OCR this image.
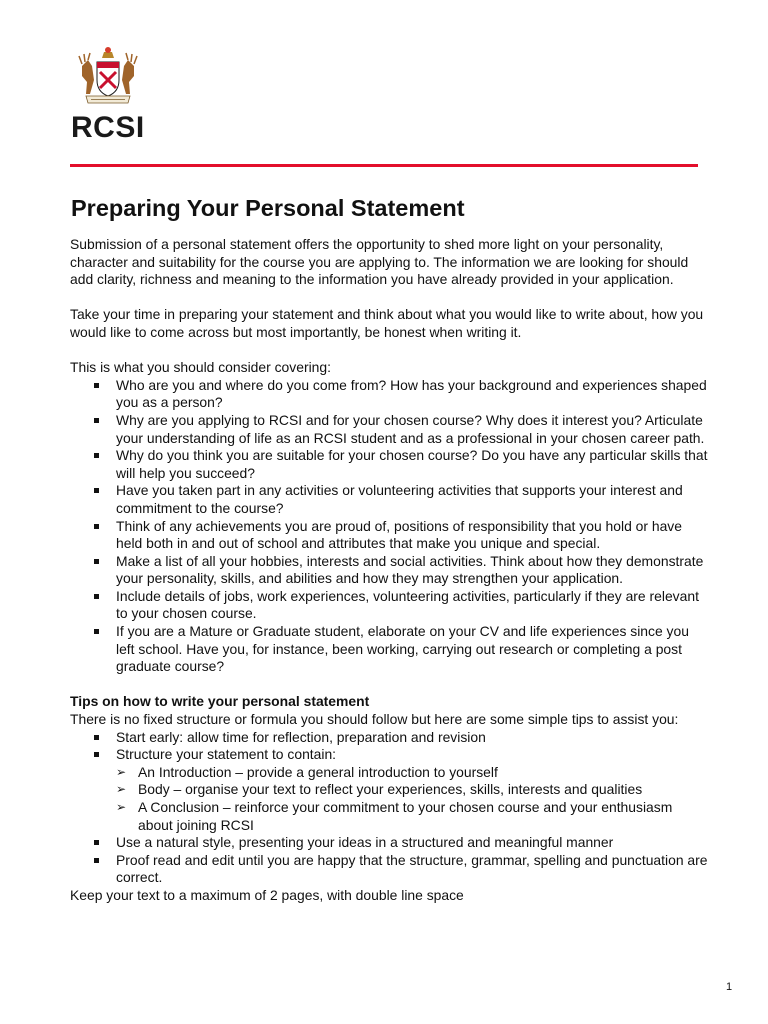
RCSI
Preparing Your Personal Statement

Submission of a personal statement offers the opportunity to shed more light on your personality, character and suitability for the course you are applying to. The information we are looking for should add clarity, richness and meaning to the information you have already provided in your application.

Take your time in preparing your statement and think about what you would like to write about, how you would like to come across but most importantly, be honest when writing it.

This is what you should consider covering:

Who are you and where do you come from? How has your background and experiences shaped you as a person?
Why are you applying to RCSI and for your chosen course? Why does it interest you? Articulate your understanding of life as an RCSI student and as a professional in your chosen career path.
Why do you think you are suitable for your chosen course? Do you have any particular skills that will help you succeed?
Have you taken part in any activities or volunteering activities that supports your interest and commitment to the course?
Think of any achievements you are proud of, positions of responsibility that you hold or have held both in and out of school and attributes that make you unique and special.
Make a list of all your hobbies, interests and social activities. Think about how they demonstrate your personality, skills, and abilities and how they may strengthen your application.
Include details of jobs, work experiences, volunteering activities, particularly if they are relevant to your chosen course.
If you are a Mature or Graduate student, elaborate on your CV and life experiences since you left school. Have you, for instance, been working, carrying out research or completing a post graduate course?

Tips on how to write your personal statement

There is no fixed structure or formula you should follow but here are some simple tips to assist you:

Start early: allow time for reflection, preparation and revision
Structure your statement to contain:
➢ An Introduction – provide a general introduction to yourself
➢ Body – organise your text to reflect your experiences, skills, interests and qualities
➢ A Conclusion – reinforce your commitment to your chosen course and your enthusiasm about joining RCSI
Use a natural style, presenting your ideas in a structured and meaningful manner
Proof read and edit until you are happy that the structure, grammar, spelling and punctuation are correct.

Keep your text to a maximum of 2 pages, with double line space

1
